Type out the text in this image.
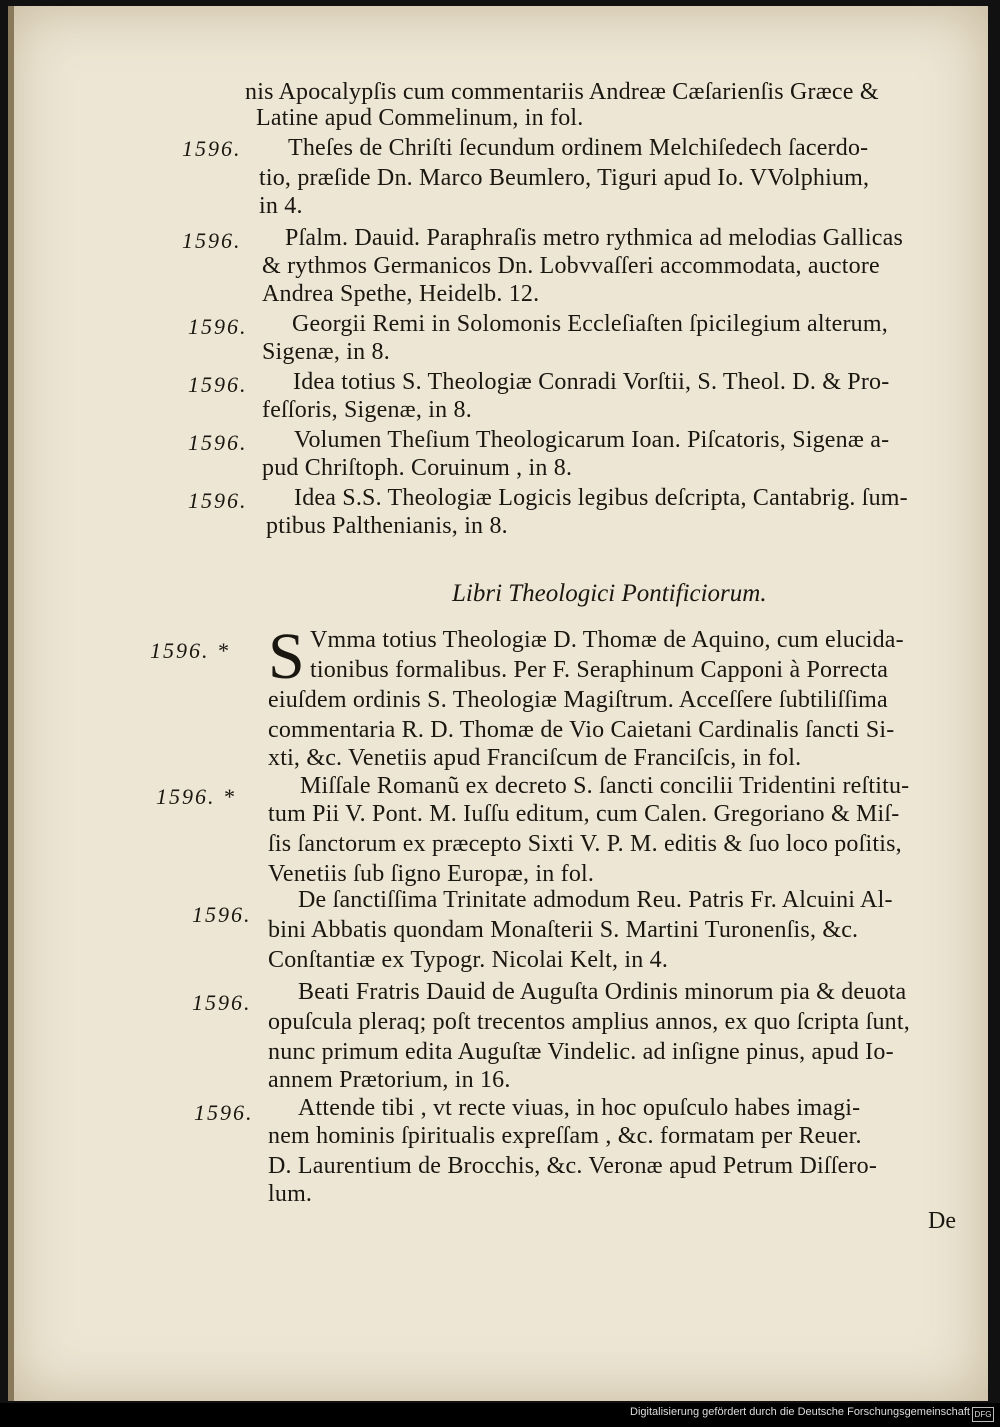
nis Apocalypſis cum commentariis Andreæ Cæſarienſis Græce &
Latine apud Commelinum, in fol.
1596. Theſes de Chriſti ſecundum ordinem Melchiſedech ſacerdo-
tio, præſide Dn. Marco Beumlero, Tiguri apud Io. VVolphium,
in 4.
1596. Pſalm. Dauid. Paraphraſis metro rythmica ad melodias Gallicas
& rythmos Germanicos Dn. Lobvvaſſeri accommodata, auctore
Andrea Spethe, Heidelb. 12.
1596. Georgii Remi in Solomonis Eccleſiaſten ſpicilegium alterum,
Sigenæ, in 8.
1596. Idea totius S. Theologiæ Conradi Vorſtii, S. Theol. D. & Pro-
feſſoris, Sigenæ, in 8.
1596. Volumen Theſium Theologicarum Ioan. Piſcatoris, Sigenæ a-
pud Chriſtoph. Coruinum , in 8.
1596. Idea S.S. Theologiæ Logicis legibus deſcripta, Cantabrig. ſum-
ptibus Palthenianis, in 8.
Libri Theologici Pontificiorum.
1596. * S Vmma totius Theologiæ D. Thomæ de Aquino, cum elucida-
tionibus formalibus. Per F. Seraphinum Capponi à Porrecta
eiuſdem ordinis S. Theologiæ Magiſtrum. Acceſſere ſubtiliſſima
commentaria R. D. Thomæ de Vio Caietani Cardinalis ſancti Si-
xti, &c. Venetiis apud Franciſcum de Franciſcis, in fol.
1596. *	Miſſale Romanũ ex decreto S. ſancti concilii Tridentini reſtitu-
tum Pii V. Pont. M. Iuſſu editum, cum Calen. Gregoriano & Miſ-
ſis ſanctorum ex præcepto Sixti V. P. M. editis & ſuo loco poſitis,
Venetiis ſub ſigno Europæ, in fol.
1596.
De ſanctiſſima Trinitate admodum Reu. Patris Fr. Alcuini Al-
bini Abbatis quondam Monaſterii S. Martini Turonenſis, &c.
Conſtantiæ ex Typogr. Nicolai Kelt, in 4.
1596. Beati Fratris Dauid de Auguſta Ordinis minorum pia & deuota
opuſcula pleraq; poſt trecentos amplius annos, ex quo ſcripta ſunt,
nunc primum edita Auguſtæ Vindelic. ad inſigne pinus, apud Io-
annem Prætorium, in 16.
1596. Attende tibi , vt recte viuas, in hoc opuſculo habes imagi-
nem hominis ſpiritualis expreſſam , &c. formatam per Reuer.
D. Laurentium de Brocchis, &c. Veronæ apud Petrum Diſſero-
lum.
De
Digitalisierung gefördert durch die Deutsche Forschungsgemeinschaft DFG
